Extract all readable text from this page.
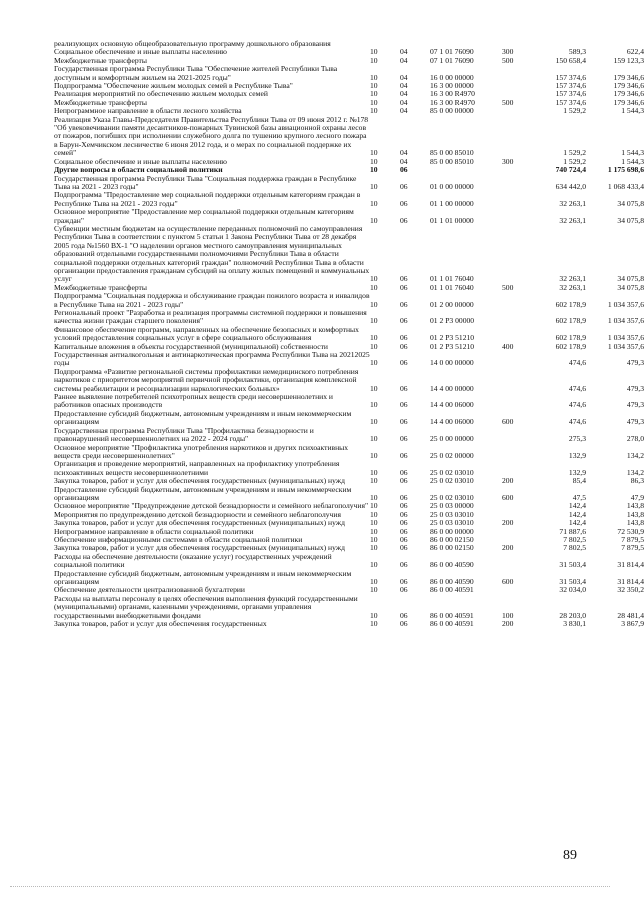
реализующих основную общеобразовательную программу дошкольного образования						
Социальное обеспечение и иные выплаты населению	10	04	07 1 01 76090	300	589,3	622,4
Межбюджетные трансферты	10	04	07 1 01 76090	500	150 658,4	159 123,3
Государственная программа Республики Тыва "Обеспечение жителей Республики Тыва доступным и комфортным жильем на 2021-2025 годы"	10	04	16 0 00 00000		157 374,6	179 346,6
Подпрограмма "Обеспечение жильем молодых семей в Республике Тыва"	10	04	16 3 00 00000		157 374,6	179 346,6
Реализация мероприятий по обеспечению жильем молодых семей	10	04	16 3 00 R4970		157 374,6	179 346,6
Межбюджетные трансферты	10	04	16 3 00 R4970	500	157 374,6	179 346,6
Непрограммное направление в области лесного хозяйства	10	04	85 0 00 00000		1 529,2	1 544,3
Реализация Указа Главы-Председателя Правительства Республики Тыва от 09 июня 2012 г. №178 "Об увековечивании памяти десантников-пожарных Тувинской базы авиационной охраны лесов от пожаров, погибших при исполнении служебного долга по тушению крупного лесного пожара в Барун-Хемчикском лесничестве 6 июня 2012 года, и о мерах по социальной поддержке их семей"	10	04	85 0 00 85010		1 529,2	1 544,3
Социальное обеспечение и иные выплаты населению	10	04	85 0 00 85010	300	1 529,2	1 544,3
Другие вопросы в области социальной политики	10	06			740 724,4	1 175 698,6
Государственная программа Республики Тыва "Социальная поддержка граждан в Республике Тыва на 2021 - 2023 годы"	10	06	01 0 00 00000		634 442,0	1 068 433,4
Подпрограмма "Предоставление мер социальной поддержки отдельным категориям граждан в Республике Тыва на 2021 - 2023 годы"	10	06	01 1 00 00000		32 263,1	34 075,8
Основное мероприятие "Предоставление мер социальной поддержки отдельным категориям граждан"	10	06	01 1 01 00000		32 263,1	34 075,8
Субвенции местным бюджетам на осуществление переданных полномочий по самоуправления Республики Тыва в соответствии с пунктом 5 статьи 1 Закона Республики Тыва от 28 декабря 2005 года №1560 ВХ-1 "О наделении органов местного самоуправления муниципальных образований отдельными государственными полномочиями Республики Тыва в области социальной поддержки отдельных категорий граждан" полномочий Республики Тыва в области организации предоставления гражданам субсидий на оплату жилых помещений и коммунальных услуг	10	06	01 1 01 76040		32 263,1	34 075,8
Межбюджетные трансферты	10	06	01 1 01 76040	500	32 263,1	34 075,8
Подпрограмма "Социальная поддержка и обслуживание граждан пожилого возраста и инвалидов в Республике Тыва на 2021 - 2023 годы"	10	06	01 2 00 00000		602 178,9	1 034 357,6
Региональный проект "Разработка и реализация программы системной поддержки и повышения качества жизни граждан старшего поколения"	10	06	01 2 P3 00000		602 178,9	1 034 357,6
Финансовое обеспечение программ, направленных на обеспечение безопасных и комфортных условий предоставления социальных услуг в сфере социального обслуживания	10	06	01 2 P3 51210		602 178,9	1 034 357,6
Капитальные вложения в объекты государственной (муниципальной) собственности	10	06	01 2 P3 51210	400	602 178,9	1 034 357,6
Государственная антиалкогольная и антинаркотическая программа Республики Тыва на 20212025 годы	10	06	14 0 00 00000		474,6	479,3
Подпрограмма «Развитие региональной системы профилактики немедицинского потребления наркотиков с приоритетом мероприятий первичной профилактики, организация комплексной системы реабилитации и ресоциализации наркологических больных»	10	06	14 4 00 00000		474,6	479,3
Раннее выявление потребителей психотропных веществ среди несовершеннолетних и работников опасных производств	10	06	14 4 00 06000		474,6	479,3
Предоставление субсидий бюджетным, автономным учреждениям и иным некоммерческим организациям	10	06	14 4 00 06000	600	474,6	479,3
Государственная программа Республики Тыва "Профилактика безнадзорности и правонарушений несовершеннолетних на 2022 - 2024 годы"	10	06	25 0 00 00000		275,3	278,0
Основное мероприятие "Профилактика употребления наркотиков и других психоактивных веществ среди несовершеннолетних"	10	06	25 0 02 00000		132,9	134,2
Организация и проведение мероприятий, направленных на профилактику употребления психоактивных веществ несовершеннолетними	10	06	25 0 02 03010		132,9	134,2
Закупка товаров, работ и услуг для обеспечения государственных (муниципальных) нужд	10	06	25 0 02 03010	200	85,4	86,3
Предоставление субсидий бюджетным, автономным учреждениям и иным некоммерческим организациям	10	06	25 0 02 03010	600	47,5	47,9
Основное мероприятие "Предупреждение детской безнадзорности и семейного неблагополучия"	10	06	25 0 03 00000		142,4	143,8
Мероприятия по предупреждению детской безнадзорности и семейного неблагополучия	10	06	25 0 03 03010		142,4	143,8
Закупка товаров, работ и услуг для обеспечения государственных (муниципальных) нужд	10	06	25 0 03 03010	200	142,4	143,8
Непрограммное направление в области социальной политики	10	06	86 0 00 00000		71 887,6	72 530,9
Обеспечение информационными системами в области социальной политики	10	06	86 0 00 02150		7 802,5	7 879,5
Закупка товаров, работ и услуг для обеспечения государственных (муниципальных) нужд	10	06	86 0 00 02150	200	7 802,5	7 879,5
Расходы на обеспечение деятельности (оказание услуг) государственных учреждений социальной политики	10	06	86 0 00 40590		31 503,4	31 814,4
Предоставление субсидий бюджетным, автономным учреждениям и иным некоммерческим организациям	10	06	86 0 00 40590	600	31 503,4	31 814,4
Обеспечение деятельности централизованной бухгалтерии	10	06	86 0 00 40591		32 034,0	32 350,2
Расходы на выплаты персоналу в целях обеспечения выполнения функций государственными (муниципальными) органами, казенными учреждениями, органами управления государственными внебюджетными фондами	10	06	86 0 00 40591	100	28 203,0	28 481,4
Закупка товаров, работ и услуг для обеспечения государственных	10	06	86 0 00 40591	200	3 830,1	3 867,9
89
